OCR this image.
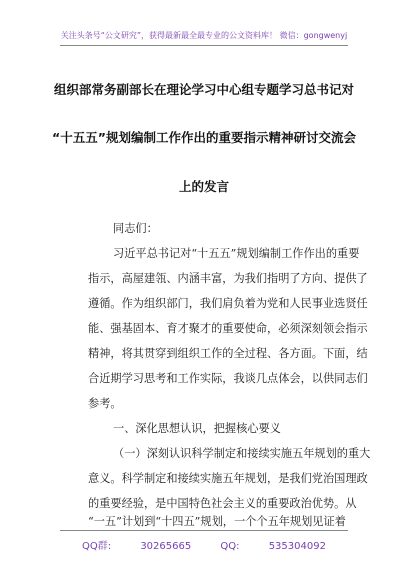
关注头条号“公文研究”，获得最新最全最专业的公文资料库！ 微信：gongwenyj
组织部常务副部长在理论学习中心组专题学习总书记对
“十五五”规划编制工作作出的重要指示精神研讨交流会
上的发言
同志们：
习近平总书记对“十五五”规划编制工作作出的重要
指示，高屋建瓴、内涵丰富，为我们指明了方向、提供了
遵循。作为组织部门，我们肩负着为党和人民事业选贤任
能、强基固本、育才聚才的重要使命，必须深刻领会指示
精神，将其贯穿到组织工作的全过程、各方面。下面，结
合近期学习思考和工作实际，我谈几点体会，以供同志们
参考。
一、深化思想认识，把握核心要义
（一）深刻认识科学制定和接续实施五年规划的重大
意义。科学制定和接续实施五年规划，是我们党治国理政
的重要经验，是中国特色社会主义的重要政治优势。从
“一五”计划到“十四五”规划，一个个五年规划见证着
QQ群: 30265665 QQ: 535304092
